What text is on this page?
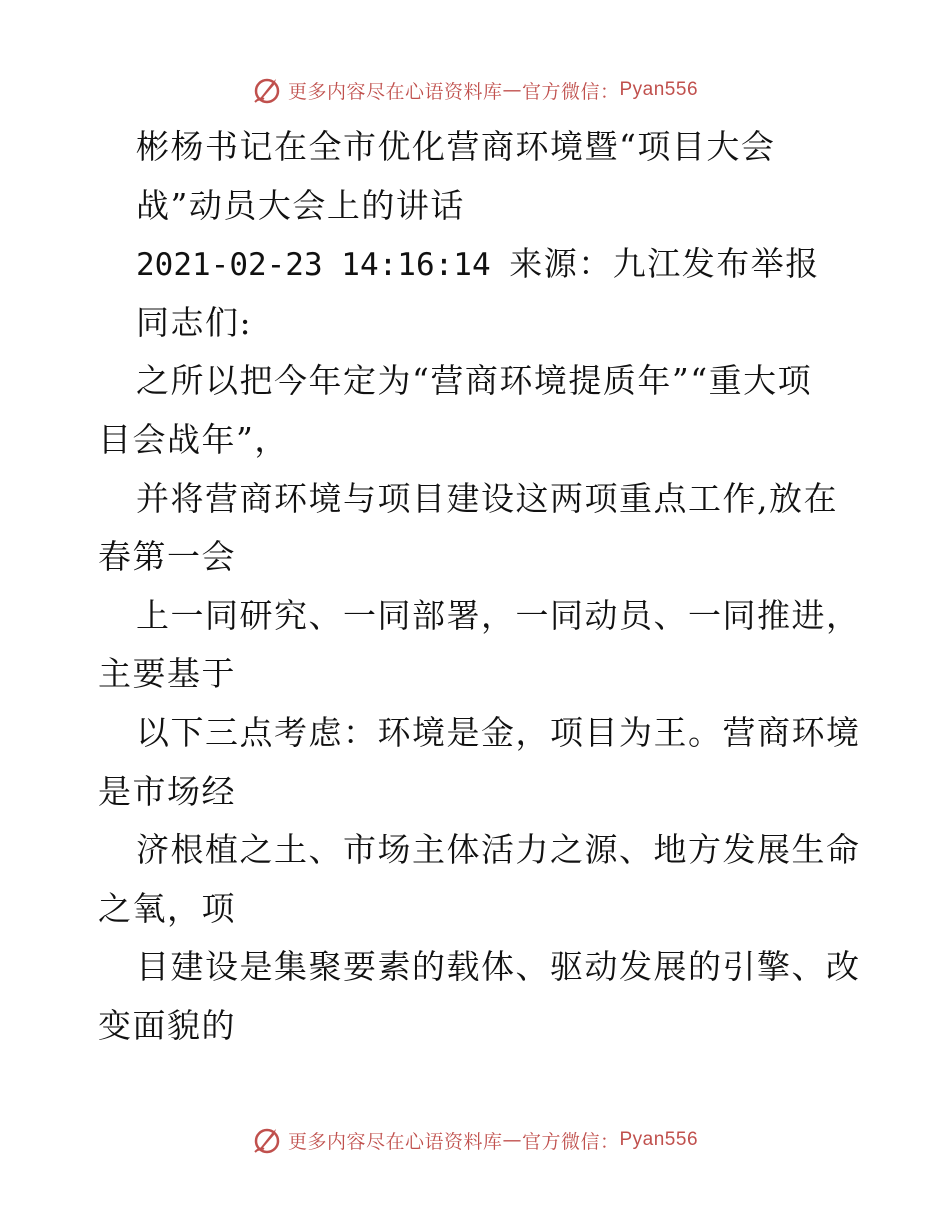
更多内容尽在心语资料库 — 官方微信： Pyan556
彬杨书记在全市优化营商环境暨“项目大会
战”动员大会上的讲话
2021-02-23 14:16:14 来源：九江发布举报
同志们:
之所以把今年定为“营商环境提质年”“重大项
目会战年”，
并将营商环境与项目建设这两项重点工作,放在
春第一会
上一同研究、一同部署，一同动员、一同推进，
主要基于
以下三点考虑：环境是金，项目为王。营商环境
是市场经
济根植之土、市场主体活力之源、地方发展生命
之氧，项
目建设是集聚要素的载体、驱动发展的引擎、改
变面貌的
更多内容尽在心语资料库 — 官方微信： Pyan556
